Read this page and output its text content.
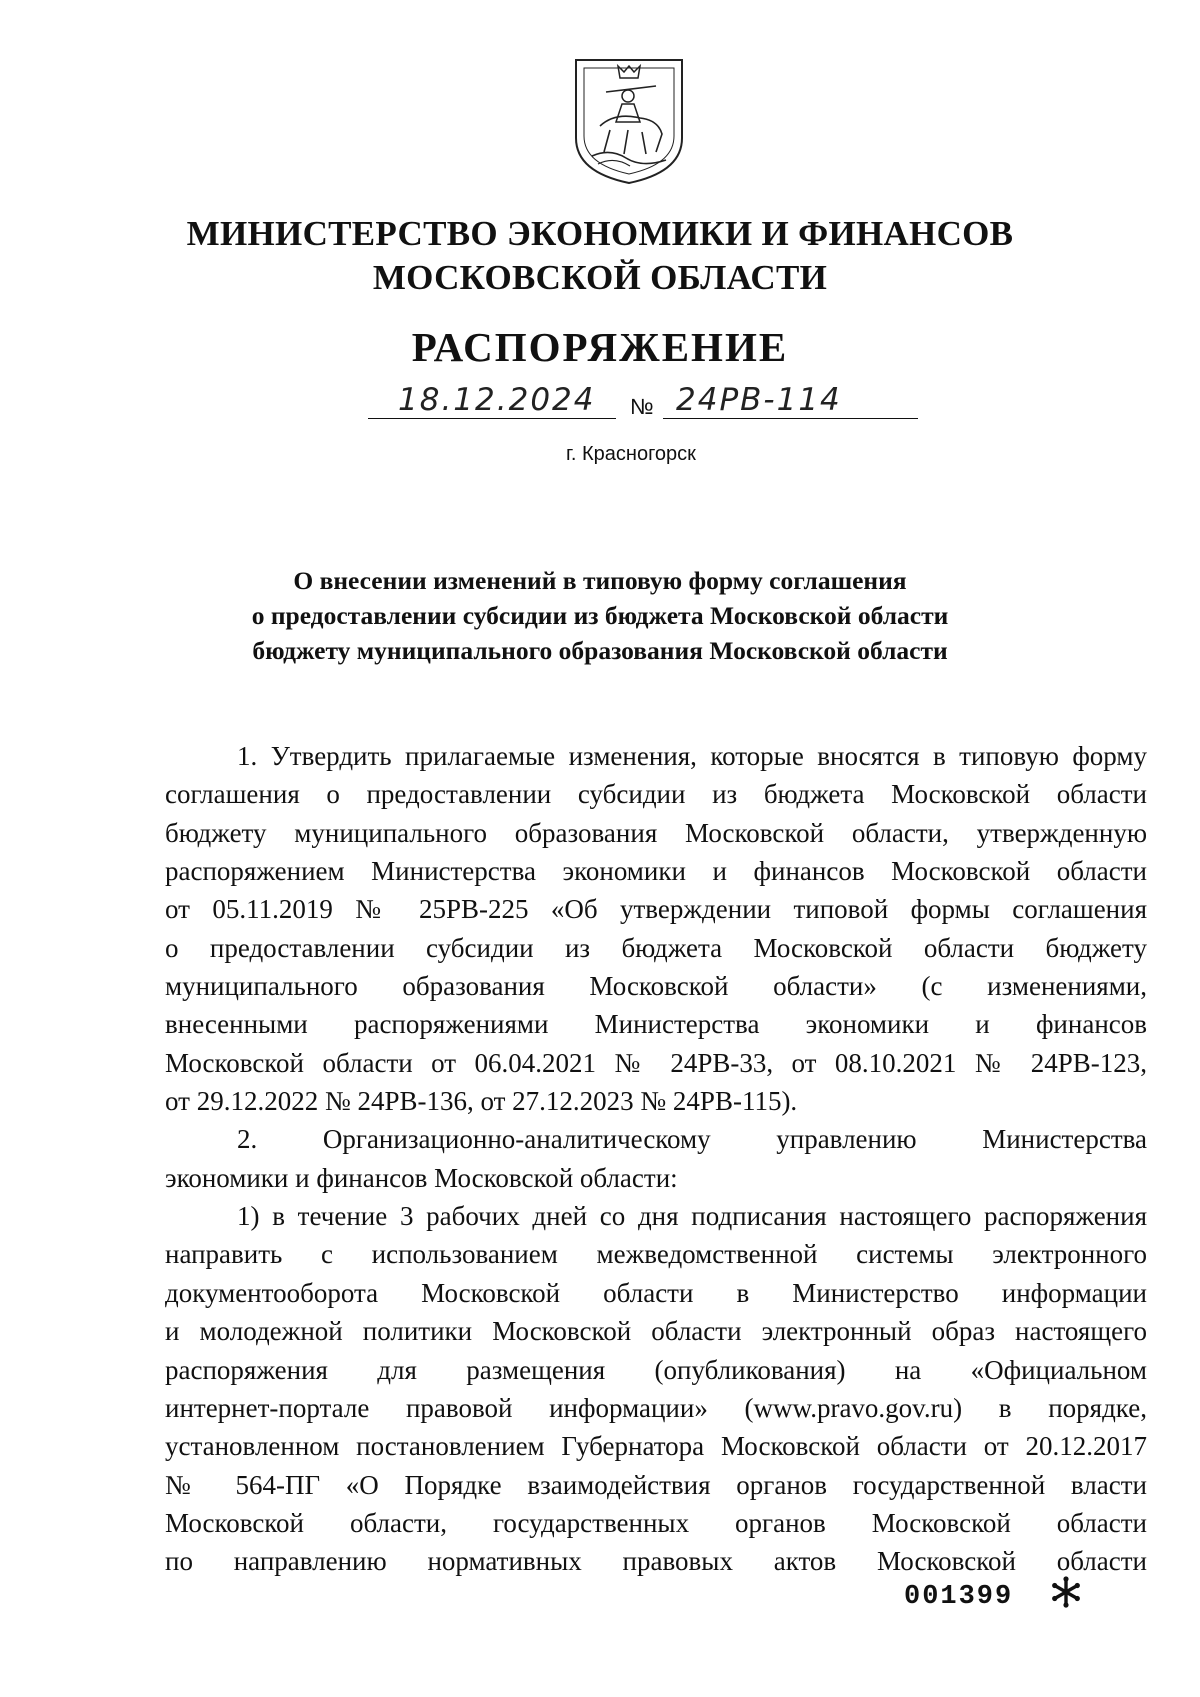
МИНИСТЕРСТВО ЭКОНОМИКИ И ФИНАНСОВ
МОСКОВСКОЙ ОБЛАСТИ
РАСПОРЯЖЕНИЕ
18.12.2024 № 24РВ-114
г. Красногорск
О внесении изменений в типовую форму соглашения
о предоставлении субсидии из бюджета Московской области
бюджету муниципального образования Московской области
1. Утвердить прилагаемые изменения, которые вносятся в типовую форму
соглашения о предоставлении субсидии из бюджета Московской области
бюджету муниципального образования Московской области, утвержденную
распоряжением Министерства экономики и финансов Московской области
от 05.11.2019 № 25РВ-225 «Об утверждении типовой формы соглашения
о предоставлении субсидии из бюджета Московской области бюджету
муниципального образования Московской области» (с изменениями,
внесенными распоряжениями Министерства экономики и финансов
Московской области от 06.04.2021 № 24РВ-33, от 08.10.2021 № 24РВ-123,
от 29.12.2022 № 24РВ-136, от 27.12.2023 № 24РВ-115).
2. Организационно-аналитическому управлению Министерства
экономики и финансов Московской области:
1) в течение 3 рабочих дней со дня подписания настоящего распоряжения
направить с использованием межведомственной системы электронного
документооборота Московской области в Министерство информации
и молодежной политики Московской области электронный образ настоящего
распоряжения для размещения (опубликования) на «Официальном
интернет-портале правовой информации» (www.pravo.gov.ru) в порядке,
установленном постановлением Губернатора Московской области от 20.12.2017
№ 564-ПГ «О Порядке взаимодействия органов государственной власти
Московской области, государственных органов Московской области
по направлению нормативных правовых актов Московской области
001399
